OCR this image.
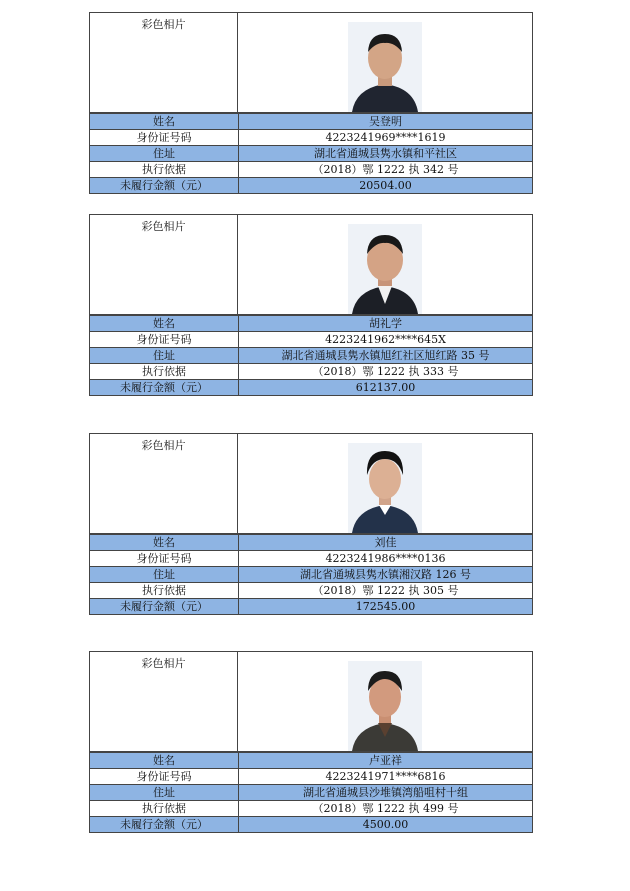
彩色相片
姓名	吴登明
身份证号码	4223241969****1619
住址	湖北省通城县隽水镇和平社区
执行依据	（2018）鄂 1222 执 342 号
未履行金额（元）	20504.00
彩色相片
姓名	胡礼学
身份证号码	4223241962****645X
住址	湖北省通城县隽水镇旭红社区旭红路 35 号
执行依据	（2018）鄂 1222 执 333 号
未履行金额（元）	612137.00
彩色相片
姓名	刘佳
身份证号码	4223241986****0136
住址	湖北省通城县隽水镇湘汉路 126 号
执行依据	（2018）鄂 1222 执 305 号
未履行金额（元）	172545.00
彩色相片
姓名	卢亚祥
身份证号码	4223241971****6816
住址	湖北省通城县沙堆镇湾船咀村十组
执行依据	（2018）鄂 1222 执 499 号
未履行金额（元）	4500.00
